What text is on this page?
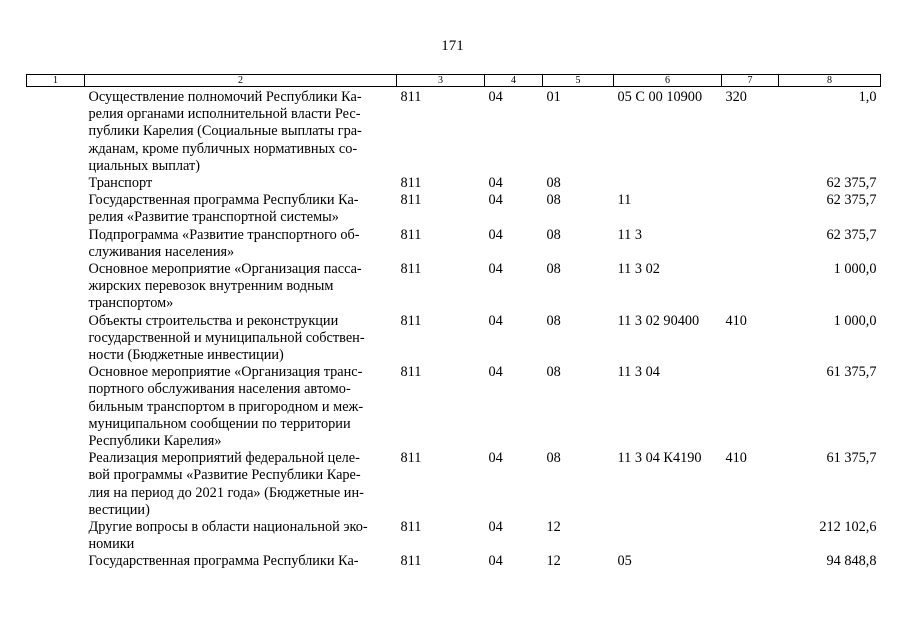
171
1	2	3	4	5	6	7	8
	Осуществление полномочий Республики Ка-
релия органами исполнительной власти Рес-
публики Карелия (Социальные выплаты гра-
жданам, кроме публичных нормативных со-
циальных выплат)	811	04	01	05 С 00 10900	320	1,0
	Транспорт	811	04	08			62 375,7
	Государственная программа Республики Ка-
релия «Развитие транспортной системы»	811	04	08	11		62 375,7
	Подпрограмма «Развитие транспортного об-
служивания населения»	811	04	08	11 3		62 375,7
	Основное мероприятие «Организация пасса-
жирских перевозок внутренним водным
транспортом»	811	04	08	11 3 02		1 000,0
	Объекты строительства и реконструкции
государственной и муниципальной собствен-
ности (Бюджетные инвестиции)	811	04	08	11 3 02 90400	410	1 000,0
	Основное мероприятие «Организация транс-
портного обслуживания населения автомо-
бильным транспортом в пригородном и меж-
муниципальном сообщении по территории
Республики Карелия»	811	04	08	11 3 04		61 375,7
	Реализация мероприятий федеральной целе-
вой программы «Развитие Республики Каре-
лия на период до 2021 года» (Бюджетные ин-
вестиции)	811	04	08	11 3 04 К4190	410	61 375,7
	Другие вопросы в области национальной эко-
номики	811	04	12			212 102,6
	Государственная программа Республики Ка-	811	04	12	05		94 848,8
